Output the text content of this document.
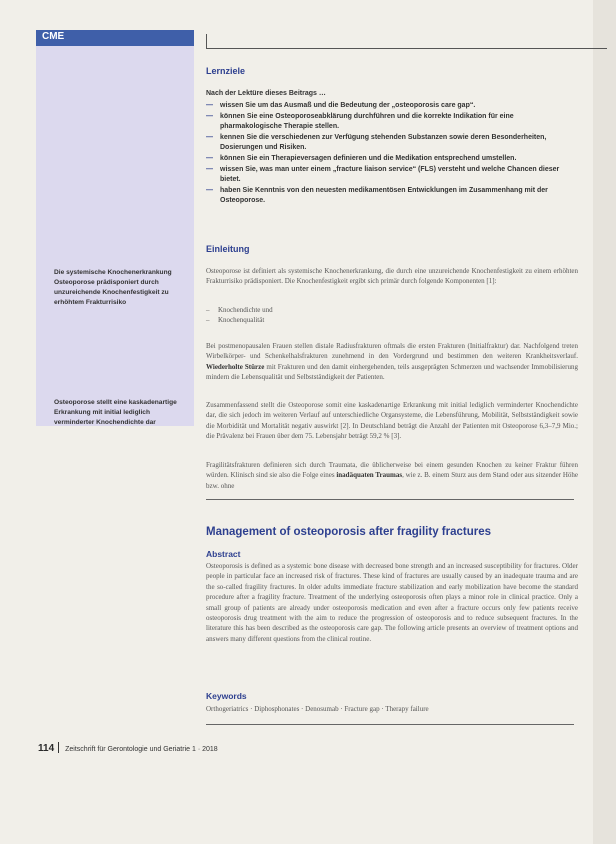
CME
Lernziele
Nach der Lektüre dieses Beitrags …
— wissen Sie um das Ausmaß und die Bedeutung der „osteoporosis care gap“.
— können Sie eine Osteoporoseabklärung durchführen und die korrekte Indikation für eine pharmakologische Therapie stellen.
— kennen Sie die verschiedenen zur Verfügung stehenden Substanzen sowie deren Besonderheiten, Dosierungen und Risiken.
— können Sie ein Therapieversagen definieren und die Medikation entsprechend umstellen.
— wissen Sie, was man unter einem „fracture liaison service“ (FLS) versteht und welche Chancen dieser bietet.
— haben Sie Kenntnis von den neuesten medikamentösen Entwicklungen im Zusammenhang mit der Osteoporose.
Einleitung
Osteoporose ist definiert als systemische Knochenerkrankung, die durch eine unzureichende Knochenfestigkeit zu einem erhöhten Frakturrisiko prädisponiert. Die Knochenfestigkeit ergibt sich primär durch folgende Komponenten [1]:
– Knochendichte und
– Knochenqualität
Bei postmenopausalen Frauen stellen distale Radiusfrakturen oftmals die ersten Frakturen (Initialfraktur) dar. Nachfolgend treten Wirbelkörper- und Schenkelhalsfrakturen zunehmend in den Vordergrund und bestimmen den weiteren Krankheitsverlauf. Wiederholte Stürze mit Frakturen und den damit einhergehenden, teils ausgeprägten Schmerzen und wachsender Immobilisierung mindern die Lebensqualität und Selbstständigkeit der Patienten.
Zusammenfassend stellt die Osteoporose somit eine kaskadenartige Erkrankung mit initial lediglich verminderter Knochendichte dar, die sich jedoch im weiteren Verlauf auf unterschiedliche Organsysteme, die Lebensführung, Mobilität, Selbstständigkeit sowie die Morbidität und Mortalität negativ auswirkt [2]. In Deutschland beträgt die Anzahl der Patienten mit Osteoporose 6,3–7,9 Mio.; die Prävalenz bei Frauen über dem 75. Lebensjahr beträgt 59,2 % [3].
Fragilitätsfrakturen definieren sich durch Traumata, die üblicherweise bei einem gesunden Knochen zu keiner Fraktur führen würden. Klinisch sind sie also die Folge eines inadäquaten Traumas, wie z. B. einem Sturz aus dem Stand oder aus sitzender Höhe bzw. ohne
Die systemische Knochenerkrankung Osteoporose prädisponiert durch unzureichende Knochenfestigkeit zu erhöhtem Frakturrisiko
Osteoporose stellt eine kaskadenartige Erkrankung mit initial lediglich verminderter Knochendichte dar
Management of osteoporosis after fragility fractures
Abstract
Osteoporosis is defined as a systemic bone disease with decreased bone strength and an increased susceptibility for fractures. Older people in particular face an increased risk of fractures. These kind of fractures are usually caused by an inadequate trauma and are the so-called fragility fractures. In older adults immediate fracture stabilization and early mobilization have become the standard procedure after a fragility fracture. Treatment of the underlying osteoporosis often plays a minor role in clinical practice. Only a small group of patients are already under osteoporosis medication and even after a fracture occurs only few patients receive osteoporosis drug treatment with the aim to reduce the progression of osteoporosis and to reduce subsequent fractures. In the literature this has been described as the osteoporosis care gap. The following article presents an overview of treatment options and answers many different questions from the clinical routine.
Keywords
Orthogeriatrics · Diphosphonates · Denosumab · Fracture gap · Therapy failure
114 Zeitschrift für Gerontologie und Geriatrie 1 · 2018
